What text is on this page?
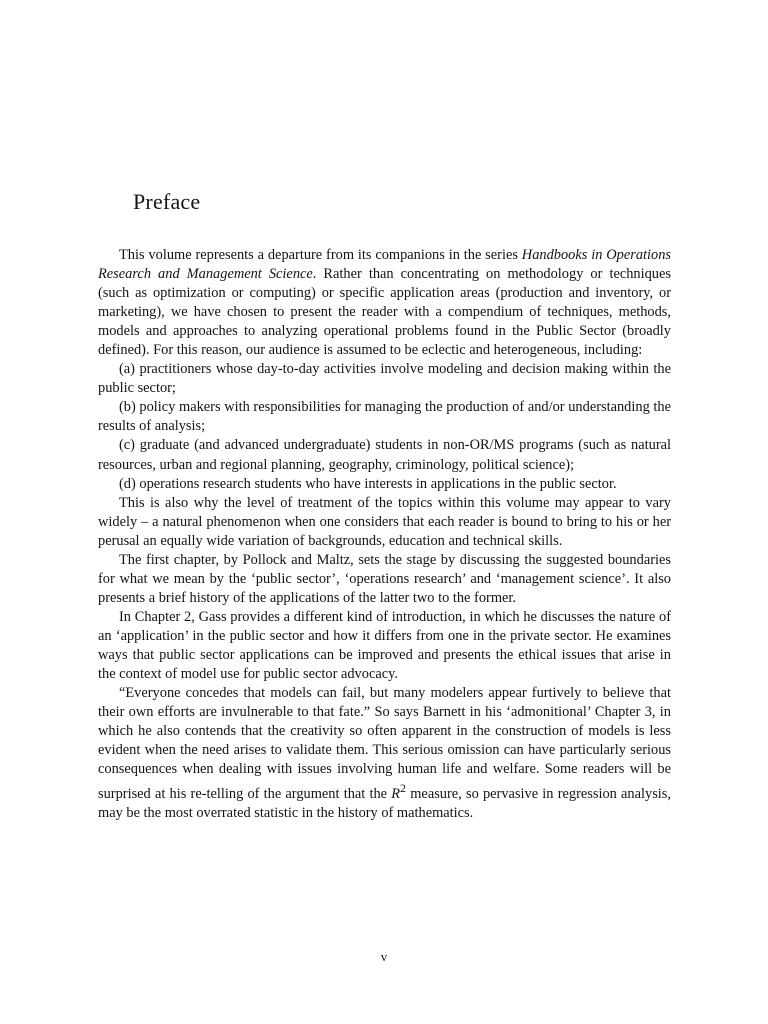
Preface

This volume represents a departure from its companions in the series Handbooks in Operations Research and Management Science. Rather than concentrating on methodology or techniques (such as optimization or computing) or specific application areas (production and inventory, or marketing), we have chosen to present the reader with a compendium of techniques, methods, models and approaches to analyzing operational problems found in the Public Sector (broadly defined). For this reason, our audience is assumed to be eclectic and heterogeneous, including:

(a) practitioners whose day-to-day activities involve modeling and decision making within the public sector;

(b) policy makers with responsibilities for managing the production of and/or understanding the results of analysis;

(c) graduate (and advanced undergraduate) students in non-OR/MS programs (such as natural resources, urban and regional planning, geography, criminology, political science);

(d) operations research students who have interests in applications in the public sector.

This is also why the level of treatment of the topics within this volume may appear to vary widely – a natural phenomenon when one considers that each reader is bound to bring to his or her perusal an equally wide variation of backgrounds, education and technical skills.

The first chapter, by Pollock and Maltz, sets the stage by discussing the suggested boundaries for what we mean by the ‘public sector’, ‘operations research’ and ‘management science’. It also presents a brief history of the applications of the latter two to the former.

In Chapter 2, Gass provides a different kind of introduction, in which he discusses the nature of an ‘application’ in the public sector and how it differs from one in the private sector. He examines ways that public sector applications can be improved and presents the ethical issues that arise in the context of model use for public sector advocacy.

“Everyone concedes that models can fail, but many modelers appear furtively to believe that their own efforts are invulnerable to that fate.” So says Barnett in his ‘admonitional’ Chapter 3, in which he also contends that the creativity so often apparent in the construction of models is less evident when the need arises to validate them. This serious omission can have particularly serious consequences when dealing with issues involving human life and welfare. Some readers will be surprised at his re-telling of the argument that the $R^2$ measure, so pervasive in regression analysis, may be the most overrated statistic in the history of mathematics.

v
